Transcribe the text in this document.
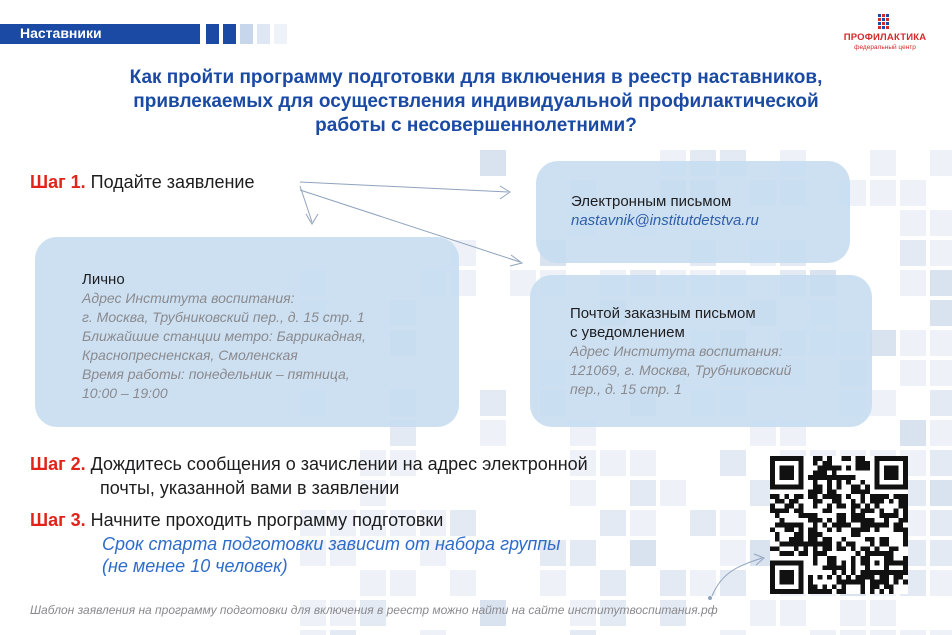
Наставники	ПРОФИЛАКТИКА
федеральный центр
Как пройти программу подготовки для включения в реестр наставников,
привлекаемых для осуществления индивидуальной профилактической
работы с несовершеннолетними?
Шаг 1. Подайте заявление
Электронным письмом
nastavnik@institutdetstva.ru
Лично
Адрес Института воспитания:
г. Москва, Трубниковский пер., д. 15 стр. 1
Ближайшие станции метро: Баррикадная,
Краснопресненская, Смоленская
Время работы: понедельник – пятница,
10:00 – 19:00
Почтой заказным письмом
с уведомлением
Адрес Института воспитания:
121069, г. Москва, Трубниковский
пер., д. 15 стр. 1
Шаг 2. Дождитесь сообщения о зачислении на адрес электронной
почты, указанной вами в заявлении
Шаг 3. Начните проходить программу подготовки
Срок старта подготовки зависит от набора группы
(не менее 10 человек)
Шаблон заявления на программу подготовки для включения в реестр можно найти на сайте институтвоспитания.рф
